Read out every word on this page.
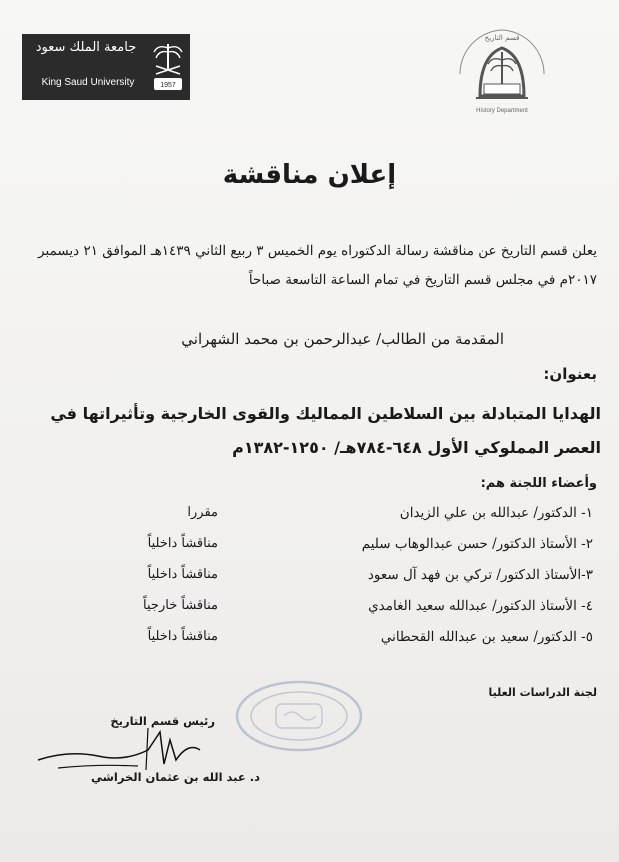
جامعة الملك سعود
King Saud University	1957
قسم التاريخ
History Department
إعلان مناقشة
يعلن قسم التاريخ عن مناقشة رسالة الدكتوراه يوم الخميس ٣ ربيع الثاني ١٤٣٩هـ الموافق ٢١ ديسمبر ٢٠١٧م في مجلس قسم التاريخ في تمام الساعة التاسعة صباحاً
المقدمة من الطالب/ عبدالرحمن بن محمد الشهراني
بعنوان:
الهدايا المتبادلة بين السلاطين المماليك والقوى الخارجية وتأثيراتها في العصر المملوكي الأول ٦٤٨-٧٨٤هـ/ ١٢٥٠-١٣٨٢م
وأعضاء اللجنة هم:
١- الدكتور/ عبدالله بن علي الزيدان
مقررا
٢- الأستاذ الدكتور/ حسن عبدالوهاب سليم
مناقشاً داخلياً
٣-الأستاذ الدكتور/ تركي بن فهد آل سعود
مناقشاً داخلياً
٤- الأستاذ الدكتور/ عبدالله سعيد الغامدي
مناقشاً خارجياً
٥- الدكتور/ سعيد بن عبدالله القحطاني
مناقشاً داخلياً
لجنة الدراسات العليا
رئيس قسم التاريخ
د. عبد الله بن عثمان الخراشي
